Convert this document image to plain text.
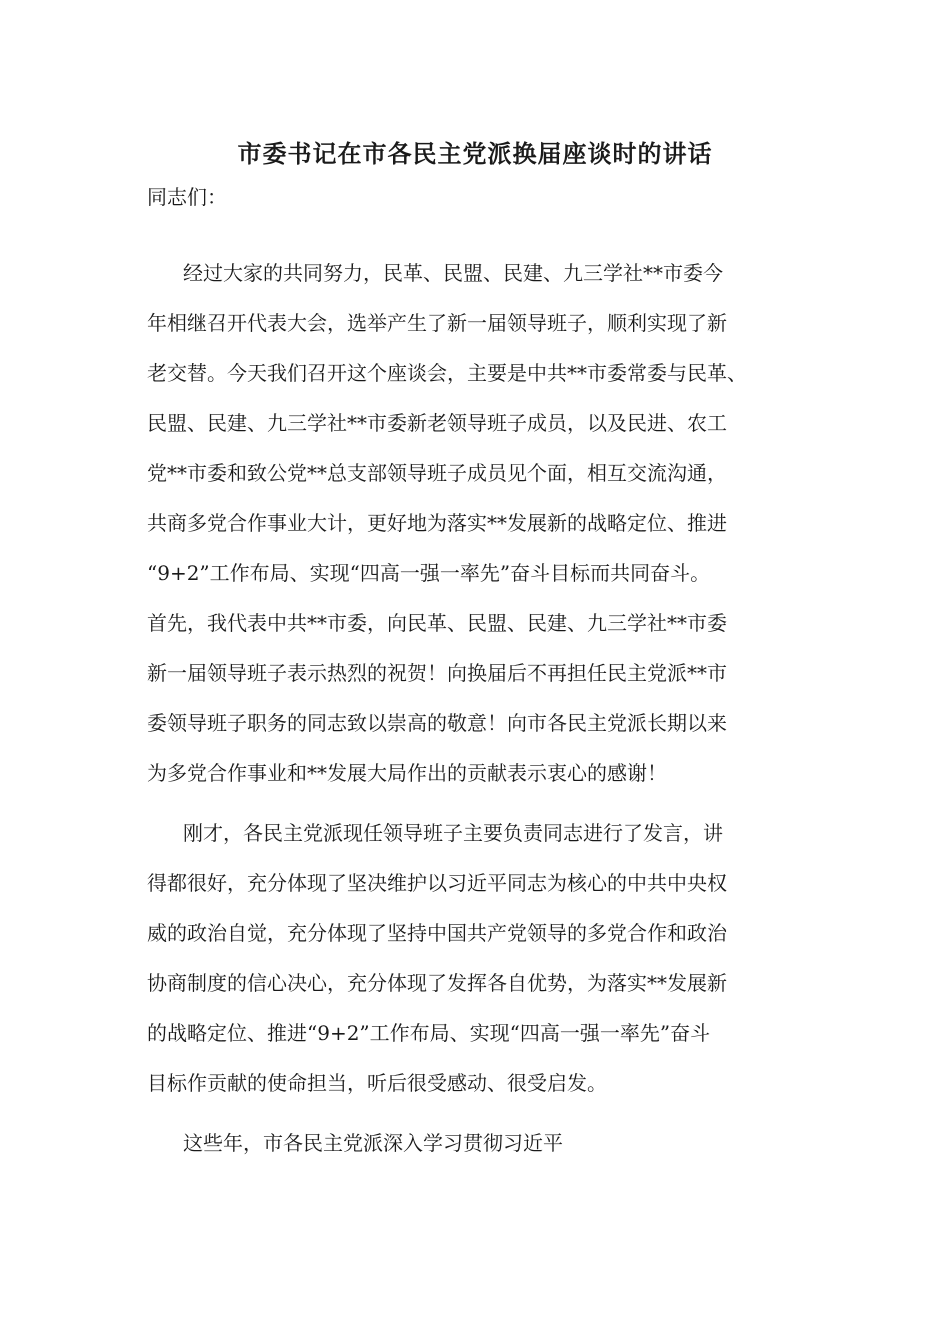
市委书记在市各民主党派换届座谈时的讲话

同志们：

经过大家的共同努力，民革、民盟、民建、九三学社**市委今

年相继召开代表大会，选举产生了新一届领导班子，顺利实现了新

老交替。今天我们召开这个座谈会，主要是中共**市委常委与民革、

民盟、民建、九三学社**市委新老领导班子成员，以及民进、农工

党**市委和致公党**总支部领导班子成员见个面，相互交流沟通，

共商多党合作事业大计，更好地为落实**发展新的战略定位、推进

“9+2”工作布局、实现“四高一强一率先”奋斗目标而共同奋斗。

首先，我代表中共**市委，向民革、民盟、民建、九三学社**市委

新一届领导班子表示热烈的祝贺！向换届后不再担任民主党派**市

委领导班子职务的同志致以崇高的敬意！向市各民主党派长期以来

为多党合作事业和**发展大局作出的贡献表示衷心的感谢！

刚才，各民主党派现任领导班子主要负责同志进行了发言，讲

得都很好，充分体现了坚决维护以习近平同志为核心的中共中央权

威的政治自觉，充分体现了坚持中国共产党领导的多党合作和政治

协商制度的信心决心，充分体现了发挥各自优势，为落实**发展新

的战略定位、推进“9+2”工作布局、实现“四高一强一率先”奋斗

目标作贡献的使命担当，听后很受感动、很受启发。

这些年，市各民主党派深入学习贯彻习近平
